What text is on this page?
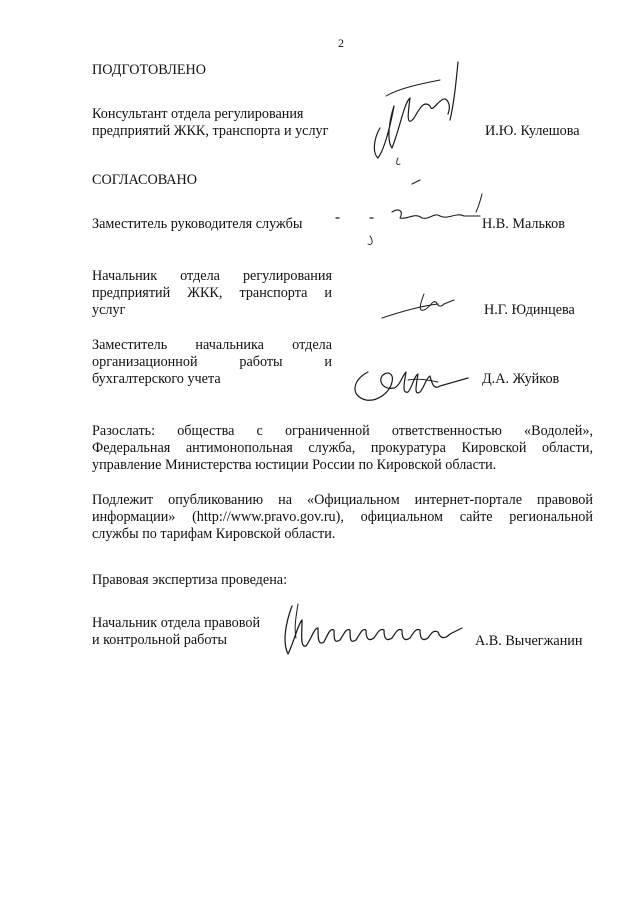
2
ПОДГОТОВЛЕНО
Консультант отдела регулирования
предприятий ЖКК, транспорта и услуг	И.Ю. Кулешова
СОГЛАСОВАНО
Заместитель руководителя службы	Н.В. Мальков
Начальник отдела регулирования
предприятий ЖКК, транспорта и
услуг	Н.Г. Юдинцева
Заместитель начальника отдела
организационной работы и
бухгалтерского учета	Д.А. Жуйков
Разослать: общества с ограниченной ответственностью «Водолей»,
Федеральная антимонопольная служба, прокуратура Кировской области,
управление Министерства юстиции России по Кировской области.
Подлежит опубликованию на «Официальном интернет-портале правовой
информации» (http://www.pravo.gov.ru), официальном сайте региональной
службы по тарифам Кировской области.
Правовая экспертиза проведена:
Начальник отдела правовой
и контрольной работы	А.В. Вычегжанин
